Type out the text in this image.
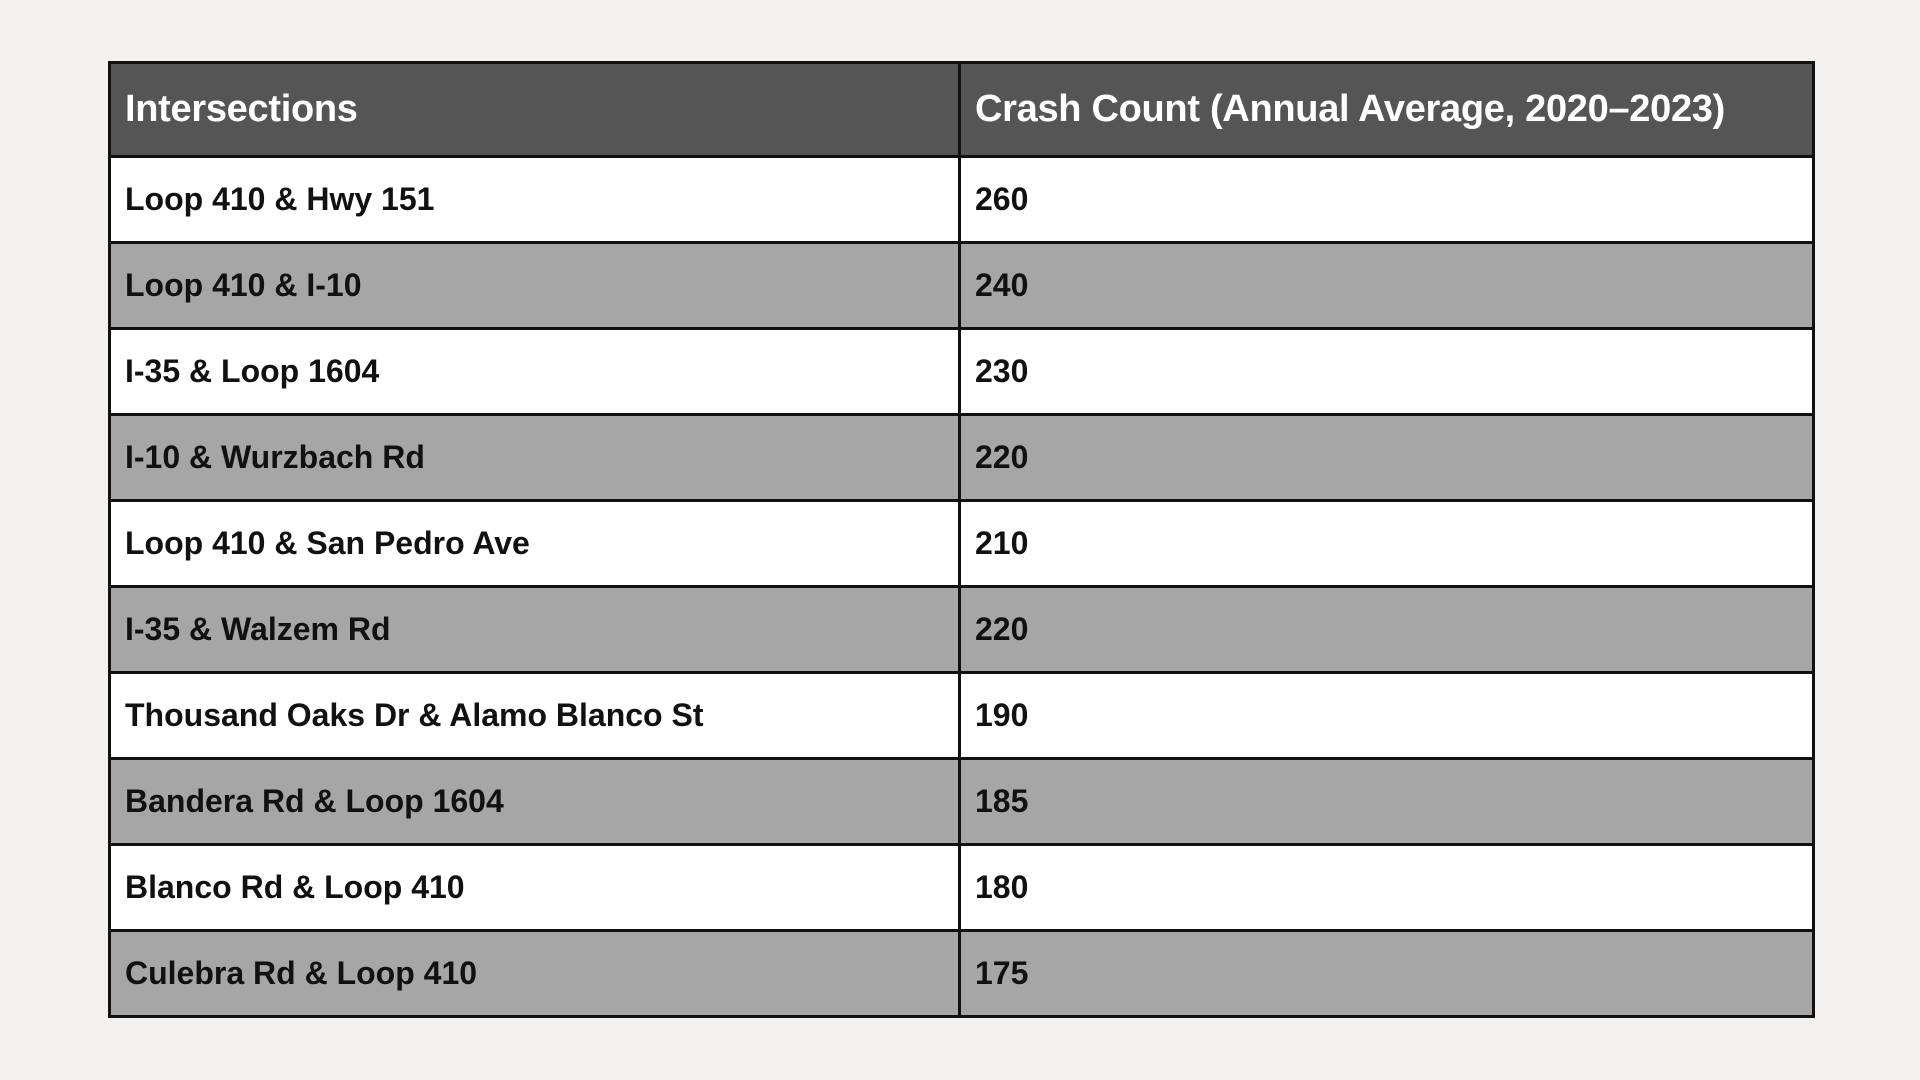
Intersections	Crash Count (Annual Average, 2020–2023)
Loop 410 & Hwy 151	260
Loop 410 & I-10	240
I-35 & Loop 1604	230
I-10 & Wurzbach Rd	220
Loop 410 & San Pedro Ave	210
I-35 & Walzem Rd	220
Thousand Oaks Dr & Alamo Blanco St	190
Bandera Rd & Loop 1604	185
Blanco Rd & Loop 410	180
Culebra Rd & Loop 410	175
